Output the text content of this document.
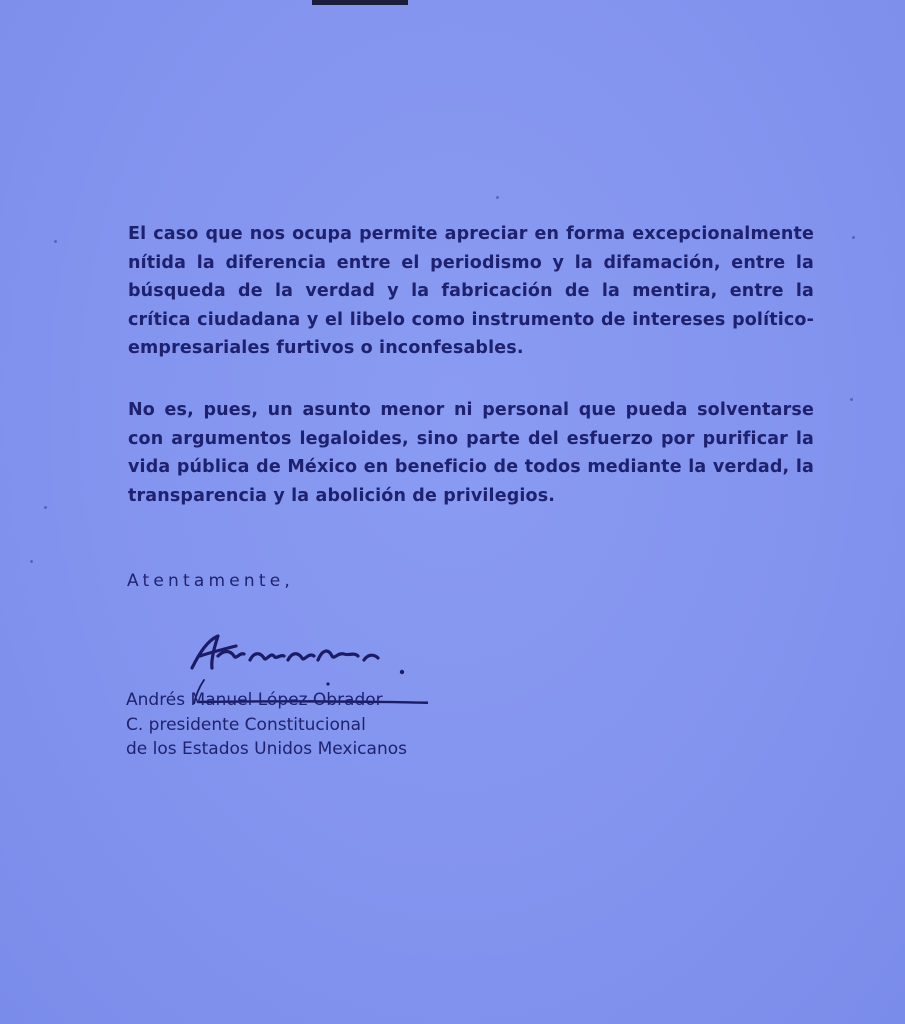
El caso que nos ocupa permite apreciar en forma excepcionalmente nítida la diferencia entre el periodismo y la difamación, entre la búsqueda de la verdad y la fabricación de la mentira, entre la crítica ciudadana y el libelo como instrumento de intereses político-empresariales furtivos o inconfesables.

No es, pues, un asunto menor ni personal que pueda solventarse con argumentos legaloides, sino parte del esfuerzo por purificar la vida pública de México en beneficio de todos mediante la verdad, la transparencia y la abolición de privilegios.

Atentamente,

Andrés Manuel López Obrador
C. presidente Constitucional
de los Estados Unidos Mexicanos
